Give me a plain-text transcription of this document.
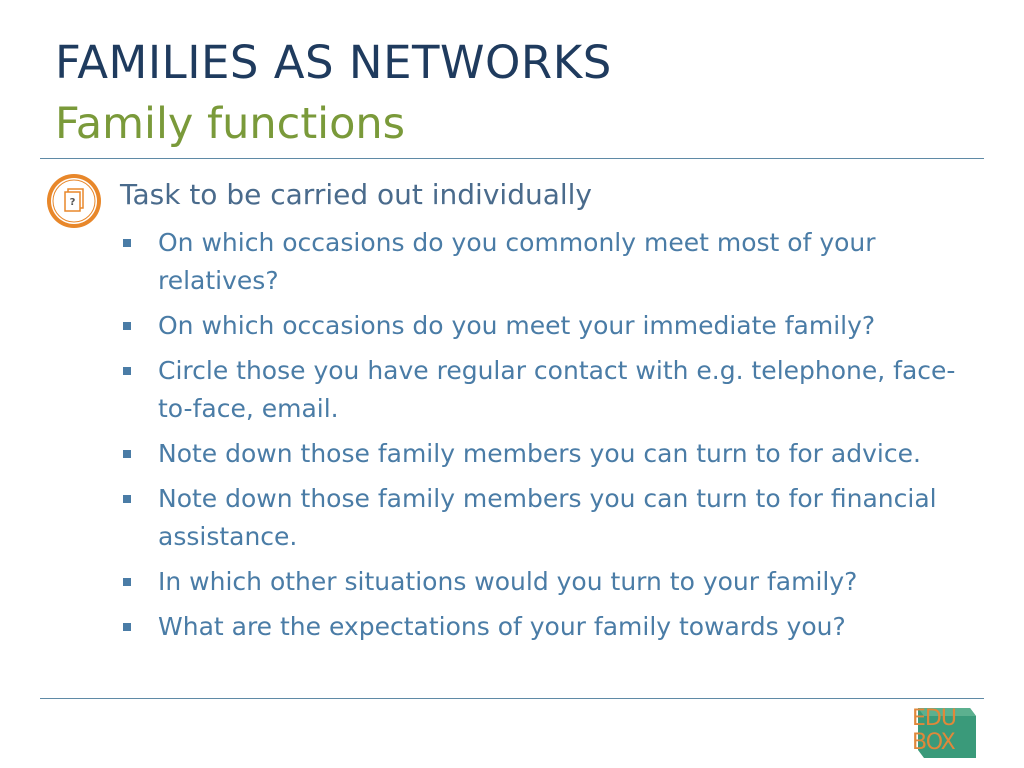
FAMILIES AS NETWORKS
Family functions
? Task to be carried out individually
On which occasions do you commonly meet most of your relatives?
On which occasions do you meet your immediate family?
Circle those you have regular contact with e.g. telephone, face-to-face, email.
Note down those family members you can turn to for advice.
Note down those family members you can turn to for financial assistance.
In which other situations would you turn to your family?
What are the expectations of your family towards you?
EDU
BOX
